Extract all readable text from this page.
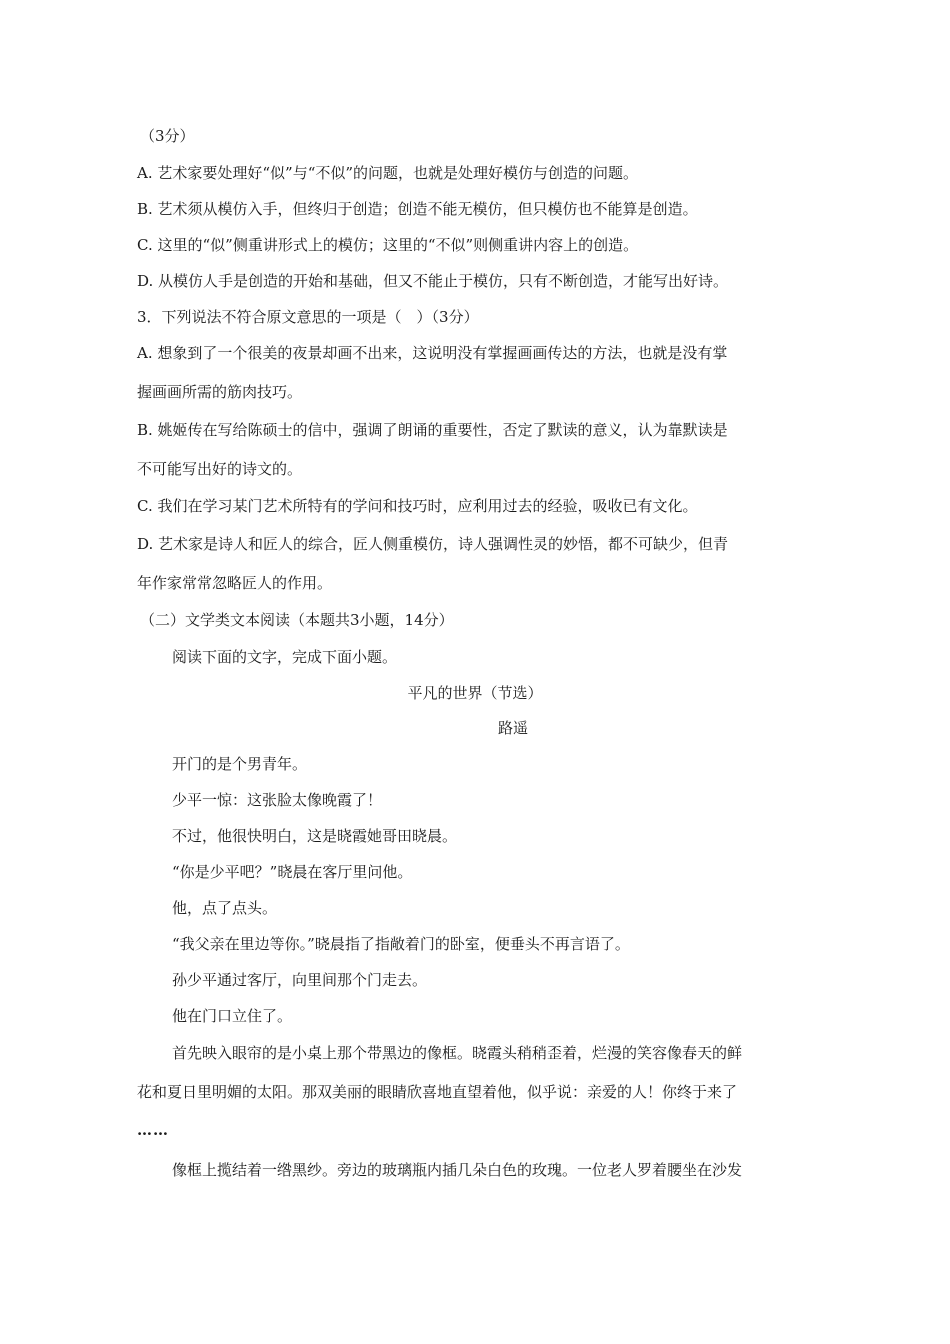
（3分）
A. 艺术家要处理好“似”与“不似”的问题，也就是处理好模仿与创造的问题。
B. 艺术须从模仿入手，但终归于创造；创造不能无模仿，但只模仿也不能算是创造。
C. 这里的“似”侧重讲形式上的模仿；这里的“不似”则侧重讲内容上的创造。
D. 从模仿人手是创造的开始和基础，但又不能止于模仿，只有不断创造，才能写出好诗。
3．下列说法不符合原文意思的一项是（　）（3分）
A. 想象到了一个很美的夜景却画不出来，这说明没有掌握画画传达的方法，也就是没有掌
握画画所需的筋肉技巧。
B. 姚姬传在写给陈硕士的信中，强调了朗诵的重要性，否定了默读的意义，认为靠默读是
不可能写出好的诗文的。
C. 我们在学习某门艺术所特有的学问和技巧时，应利用过去的经验，吸收已有文化。
D. 艺术家是诗人和匠人的综合，匠人侧重模仿，诗人强调性灵的妙悟，都不可缺少，但青
年作家常常忽略匠人的作用。
（二）文学类文本阅读（本题共3小题，14分）
阅读下面的文字，完成下面小题。
平凡的世界（节选）
路遥
开门的是个男青年。
少平一惊：这张脸太像晚霞了！
不过，他很快明白，这是晓霞她哥田晓晨。
“你是少平吧？”晓晨在客厅里问他。
他，点了点头。
“我父亲在里边等你。”晓晨指了指敞着门的卧室，便垂头不再言语了。
孙少平通过客厅，向里间那个门走去。
他在门口立住了。
首先映入眼帘的是小桌上那个带黑边的像框。晓霞头稍稍歪着，烂漫的笑容像春天的鲜
花和夏日里明媚的太阳。那双美丽的眼睛欣喜地直望着他，似乎说：亲爱的人！你终于来了
……
像框上揽结着一绺黑纱。旁边的玻璃瓶内插几朵白色的玫瑰。一位老人罗着腰坐在沙发
